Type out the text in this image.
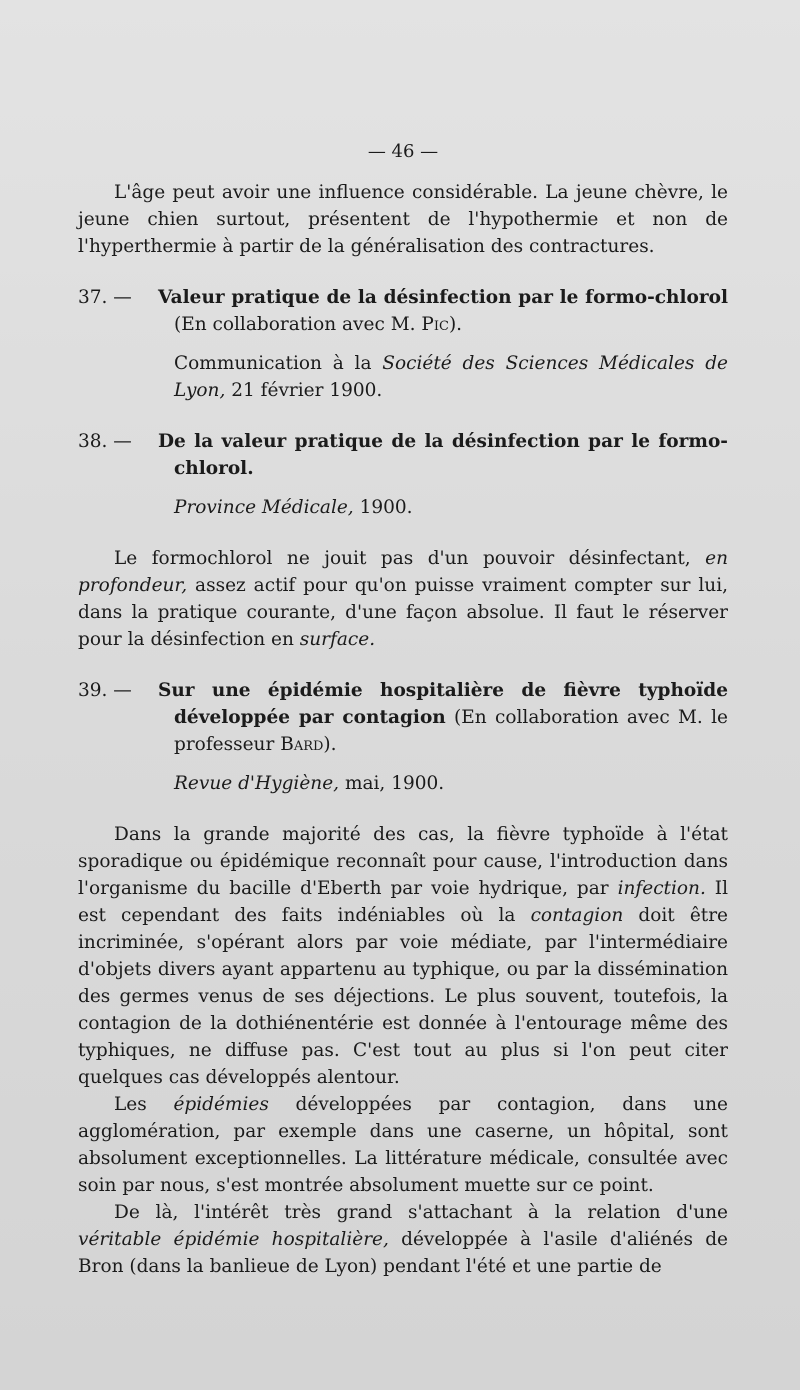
— 46 —

L'âge peut avoir une influence considérable. La jeune chèvre, le jeune chien surtout, présentent de l'hypothermie et non de l'hyperthermie à partir de la généralisation des contractures.

37. — Valeur pratique de la désinfection par le formo-chlorol (En collaboration avec M. Pic).

Communication à la Société des Sciences Médicales de Lyon, 21 février 1900.

38. — De la valeur pratique de la désinfection par le formo-chlorol.

Province Médicale, 1900.

Le formochlorol ne jouit pas d'un pouvoir désinfectant, en profondeur, assez actif pour qu'on puisse vraiment compter sur lui, dans la pratique courante, d'une façon absolue. Il faut le réserver pour la désinfection en surface.

39. — Sur une épidémie hospitalière de fièvre typhoïde développée par contagion (En collaboration avec M. le professeur Bard).

Revue d'Hygiène, mai, 1900.

Dans la grande majorité des cas, la fièvre typhoïde à l'état sporadique ou épidémique reconnaît pour cause, l'introduction dans l'organisme du bacille d'Eberth par voie hydrique, par infection. Il est cependant des faits indéniables où la contagion doit être incriminée, s'opérant alors par voie médiate, par l'intermédiaire d'objets divers ayant appartenu au typhique, ou par la dissémination des germes venus de ses déjections. Le plus souvent, toutefois, la contagion de la dothiénentérie est donnée à l'entourage même des typhiques, ne diffuse pas. C'est tout au plus si l'on peut citer quelques cas développés alentour.

Les épidémies développées par contagion, dans une agglomération, par exemple dans une caserne, un hôpital, sont absolument exceptionnelles. La littérature médicale, consultée avec soin par nous, s'est montrée absolument muette sur ce point.

De là, l'intérêt très grand s'attachant à la relation d'une véritable épidémie hospitalière, développée à l'asile d'aliénés de Bron (dans la banlieue de Lyon) pendant l'été et une partie de
